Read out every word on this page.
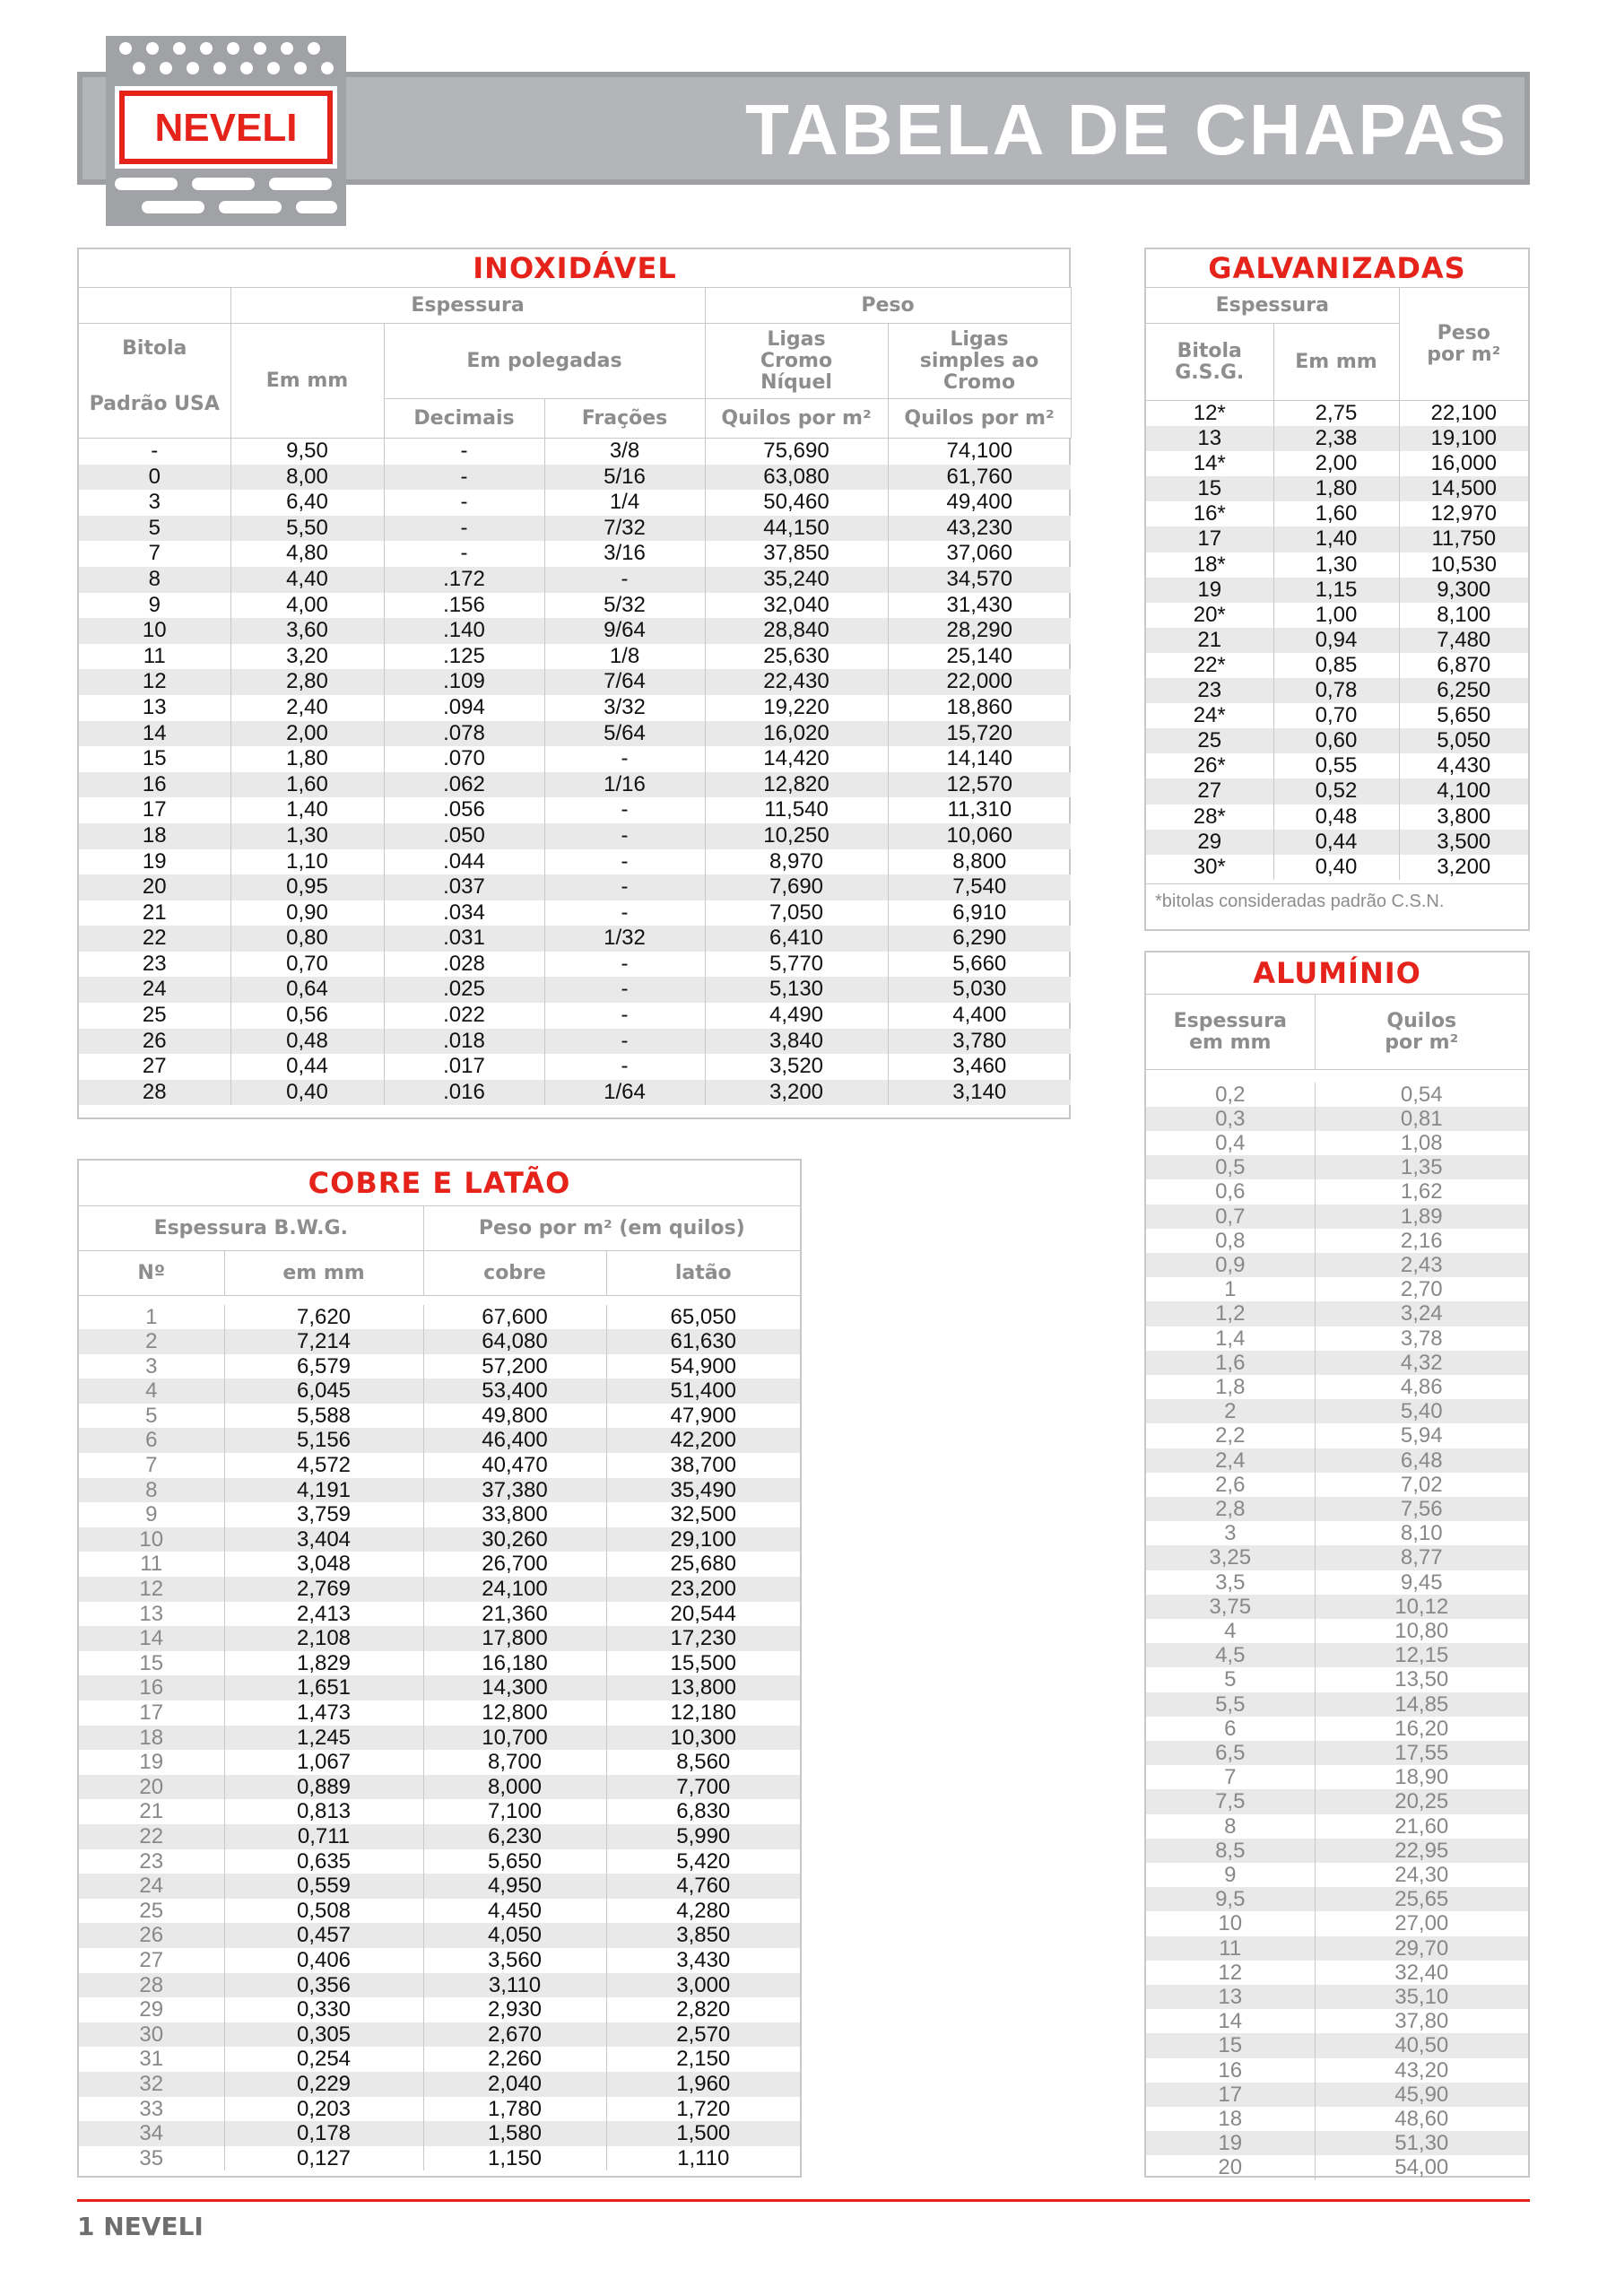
TABELA DE CHAPAS
NEVELI
INOXIDÁVEL					
	Espessura			Peso	

Bitola
Padrão USA	Em mm	Em polegadas		Ligas Cromo Níquel	Ligas simples ao Cromo
		Decimais	Frações	Quilos por m²	Quilos por m²
-	9,50	-	3/8	75,690	74,100
0	8,00	-	5/16	63,080	61,760
3	6,40	-	1/4	50,460	49,400
5	5,50	-	7/32	44,150	43,230
7	4,80	-	3/16	37,850	37,060
8	4,40	.172	-	35,240	34,570
9	4,00	.156	5/32	32,040	31,430
10	3,60	.140	9/64	28,840	28,290
11	3,20	.125	1/8	25,630	25,140
12	2,80	.109	7/64	22,430	22,000
13	2,40	.094	3/32	19,220	18,860
14	2,00	.078	5/64	16,020	15,720
15	1,80	.070	-	14,420	14,140
16	1,60	.062	1/16	12,820	12,570
17	1,40	.056	-	11,540	11,310
18	1,30	.050	-	10,250	10,060
19	1,10	.044	-	8,970	8,800
20	0,95	.037	-	7,690	7,540
21	0,90	.034	-	7,050	6,910
22	0,80	.031	1/32	6,410	6,290
23	0,70	.028	-	5,770	5,660
24	0,64	.025	-	5,130	5,030
25	0,56	.022	-	4,490	4,400
26	0,48	.018	-	3,840	3,780
27	0,44	.017	-	3,520	3,460
28	0,40	.016	1/64	3,200	3,140
GALVANIZADAS		
Espessura		Peso por m²
Bitola G.S.G.	Em mm	
12*	2,75	22,100
13	2,38	19,100
14*	2,00	16,000
15	1,80	14,500
16*	1,60	12,970
17	1,40	11,750
18*	1,30	10,530
19	1,15	9,300
20*	1,00	8,100
21	0,94	7,480
22*	0,85	6,870
23	0,78	6,250
24*	0,70	5,650
25	0,60	5,050
26*	0,55	4,430
27	0,52	4,100
28*	0,48	3,800
29	0,44	3,500
30*	0,40	3,200
*bitolas consideradas padrão C.S.N.
ALUMÍNIO	
Espessura em mm	Quilos por m²

0,2	0,54
0,3	0,81
0,4	1,08
0,5	1,35
0,6	1,62
0,7	1,89
0,8	2,16
0,9	2,43
1	2,70
1,2	3,24
1,4	3,78
1,6	4,32
1,8	4,86
2	5,40
2,2	5,94
2,4	6,48
2,6	7,02
2,8	7,56
3	8,10
3,25	8,77
3,5	9,45
3,75	10,12
4	10,80
4,5	12,15
5	13,50
5,5	14,85
6	16,20
6,5	17,55
7	18,90
7,5	20,25
8	21,60
8,5	22,95
9	24,30
9,5	25,65
10	27,00
11	29,70
12	32,40
13	35,10
14	37,80
15	40,50
16	43,20
17	45,90
18	48,60
19	51,30
20	54,00
COBRE E LATÃO			
Espessura B.W.G.		Peso por m² (em quilos)	
Nº	em mm	cobre	latão

1	7,620	67,600	65,050
2	7,214	64,080	61,630
3	6,579	57,200	54,900
4	6,045	53,400	51,400
5	5,588	49,800	47,900
6	5,156	46,400	42,200
7	4,572	40,470	38,700
8	4,191	37,380	35,490
9	3,759	33,800	32,500
10	3,404	30,260	29,100
11	3,048	26,700	25,680
12	2,769	24,100	23,200
13	2,413	21,360	20,544
14	2,108	17,800	17,230
15	1,829	16,180	15,500
16	1,651	14,300	13,800
17	1,473	12,800	12,180
18	1,245	10,700	10,300
19	1,067	8,700	8,560
20	0,889	8,000	7,700
21	0,813	7,100	6,830
22	0,711	6,230	5,990
23	0,635	5,650	5,420
24	0,559	4,950	4,760
25	0,508	4,450	4,280
26	0,457	4,050	3,850
27	0,406	3,560	3,430
28	0,356	3,110	3,000
29	0,330	2,930	2,820
30	0,305	2,670	2,570
31	0,254	2,260	2,150
32	0,229	2,040	1,960
33	0,203	1,780	1,720
34	0,178	1,580	1,500
35	0,127	1,150	1,110
1 NEVELI
